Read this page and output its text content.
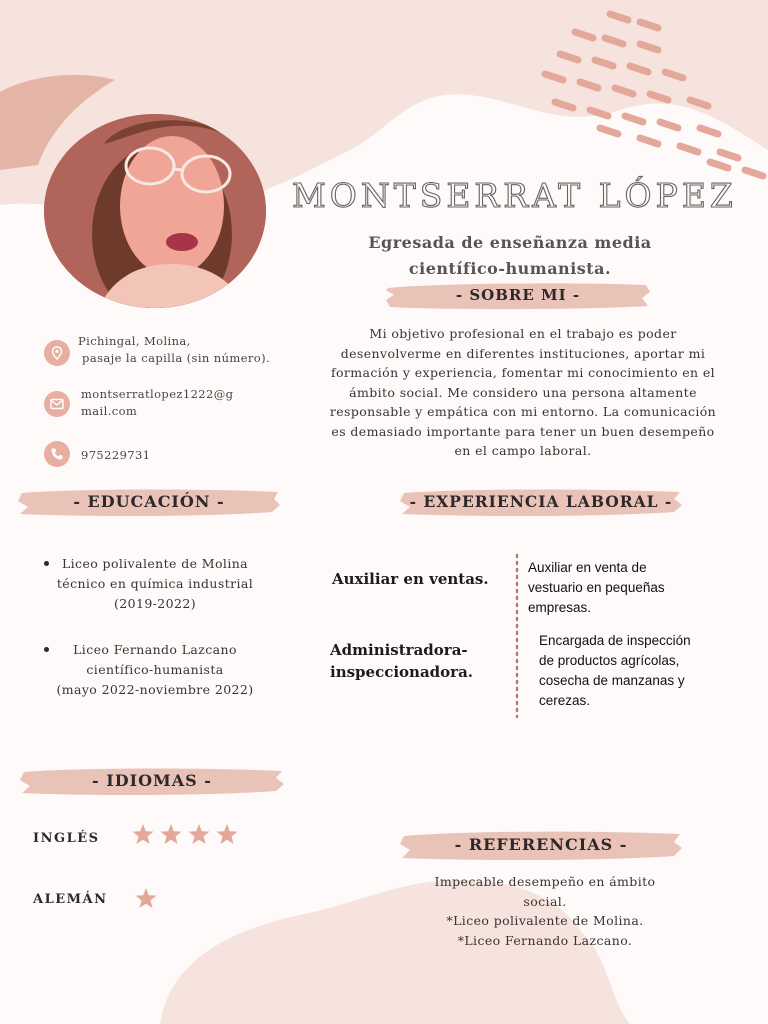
MONTSERRAT LÓPEZ
Egresada de enseñanza media científico-humanista.
- SOBRE MI -
Mi objetivo profesional en el trabajo es poder desenvolverme en diferentes instituciones, aportar mi formación y experiencia, fomentar mi conocimiento en el ámbito social. Me considero una persona altamente responsable y empática con mi entorno. La comunicación es demasiado importante para tener un buen desempeño en el campo laboral.
Pichingal, Molina,
pasaje la capilla (sin número).
montserratlopez1222@g
mail.com
975229731
- EDUCACIÓN -
Liceo polivalente de Molina
técnico en química industrial
(2019-2022)
Liceo Fernando Lazcano
científico-humanista
(mayo 2022-noviembre 2022)
- EXPERIENCIA LABORAL -
Auxiliar en ventas.
Administradora-
inspeccionadora.
Auxiliar en venta de
vestuario en pequeñas
empresas.
Encargada de inspección
de productos agrícolas,
cosecha de manzanas y
cerezas.
- IDIOMAS -
INGLÉS
ALEMÁN
- REFERENCIAS -
Impecable desempeño en ámbito
social.
*Liceo polivalente de Molina.
*Liceo Fernando Lazcano.
